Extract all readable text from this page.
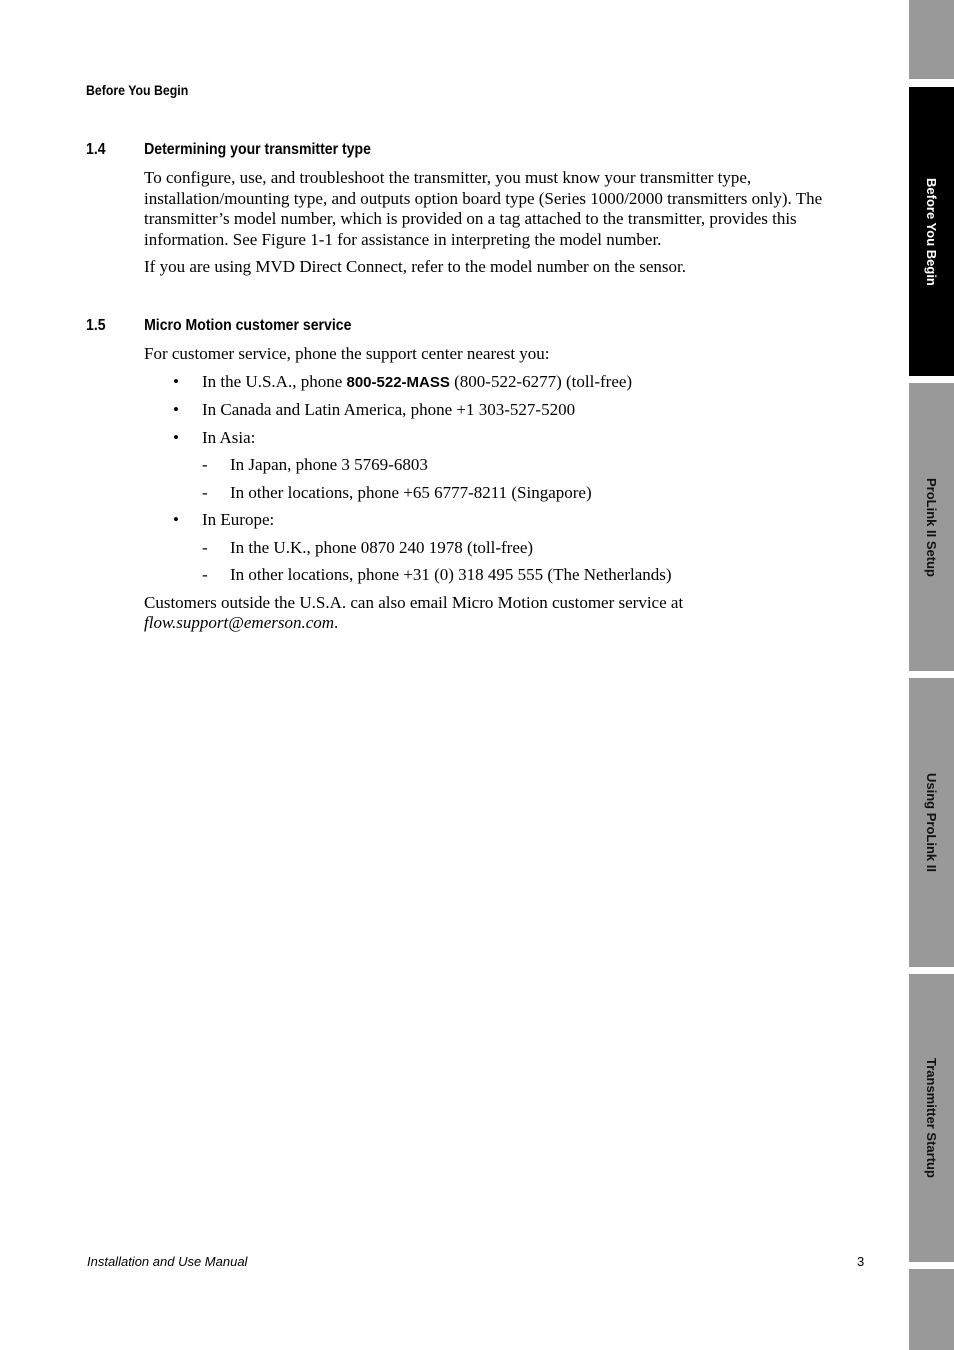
Before You Begin
1.4 Determining your transmitter type

To configure, use, and troubleshoot the transmitter, you must know your transmitter type, installation/mounting type, and outputs option board type (Series 1000/2000 transmitters only). The transmitter’s model number, which is provided on a tag attached to the transmitter, provides this information. See Figure 1-1 for assistance in interpreting the model number.

If you are using MVD Direct Connect, refer to the model number on the sensor.

1.5 Micro Motion customer service

For customer service, phone the support center nearest you:

• In the U.S.A., phone 800-522-MASS (800-522-6277) (toll-free)
• In Canada and Latin America, phone +1 303-527-5200
• In Asia:
- In Japan, phone 3 5769-6803
- In other locations, phone +65 6777-8211 (Singapore)
• In Europe:
- In the U.K., phone 0870 240 1978 (toll-free)
- In other locations, phone +31 (0) 318 495 555 (The Netherlands)

Customers outside the U.S.A. can also email Micro Motion customer service at
flow.support@emerson.com.

Installation and Use Manual	3
Before You Begin
ProLink II Setup
Using ProLink II
Transmitter Startup
